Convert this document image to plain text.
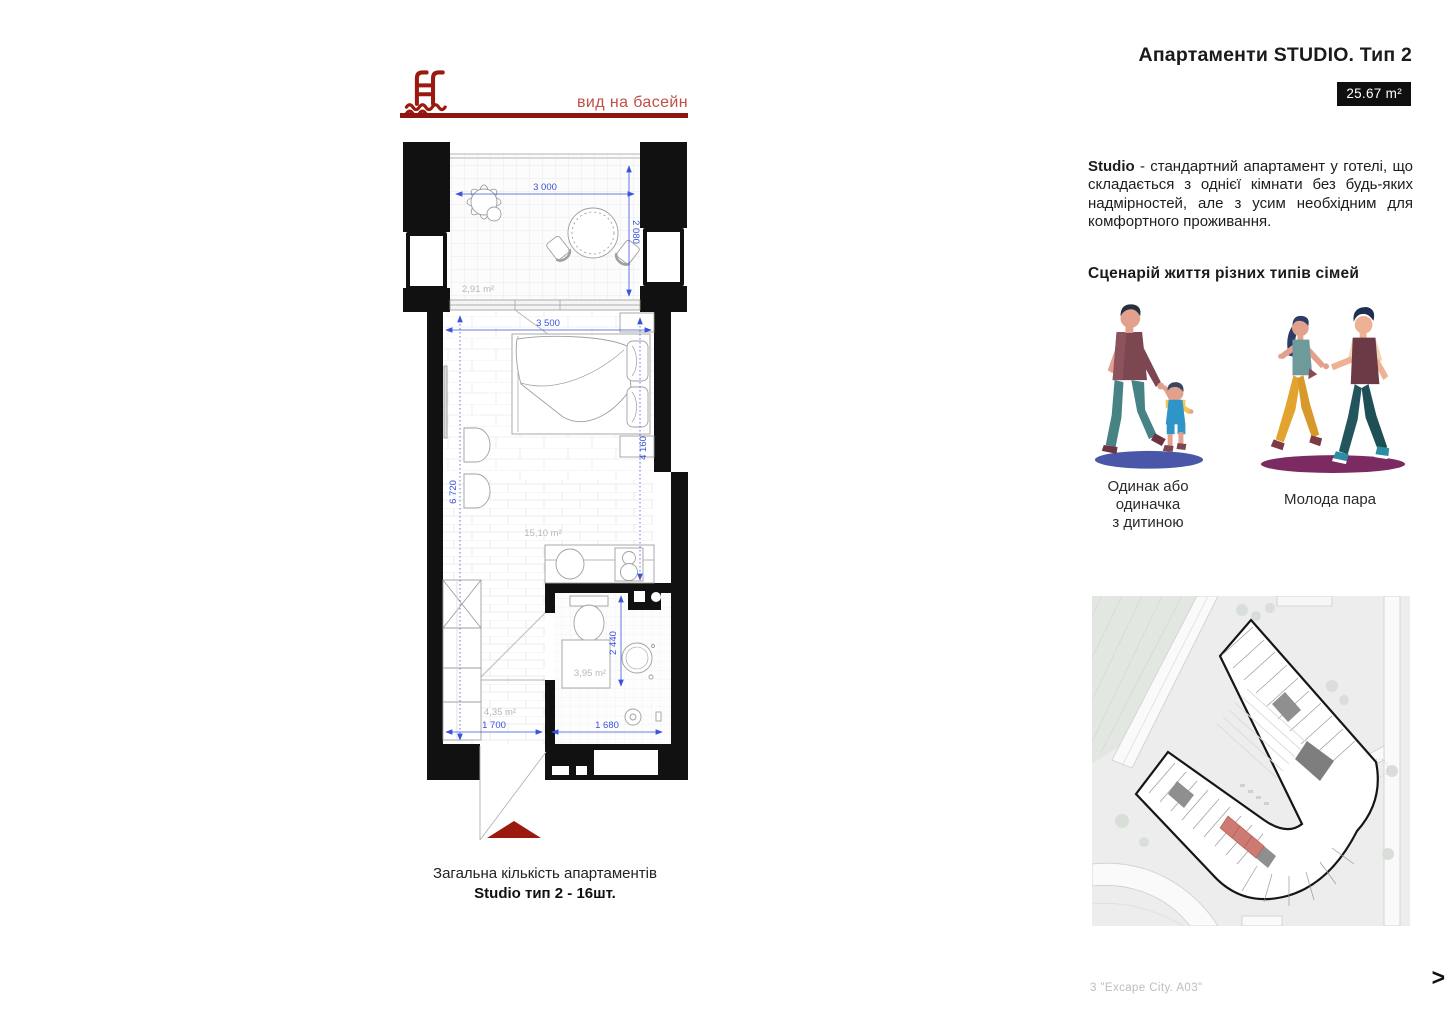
вид на басейн
3 000
2 080
3 500
6 720
4 160
1 700	1 680
2 440
2,91 m²
15,10 m²
3,95 m²
4,35 m²
Загальна кількість апартаментів
Studio тип 2 - 16шт.
Апартаменти STUDIO. Тип 2
25.67 m²

Studio - стандартний апартамент у готелі, що складається з однієї кімнати без будь-яких надмірностей, але з усим необхідним для комфортного проживання.

Сценарій життя різних типів сімей
Одинак або
одиначка
з дитиною
Молода пара
3 "Excape City. A03"	>
